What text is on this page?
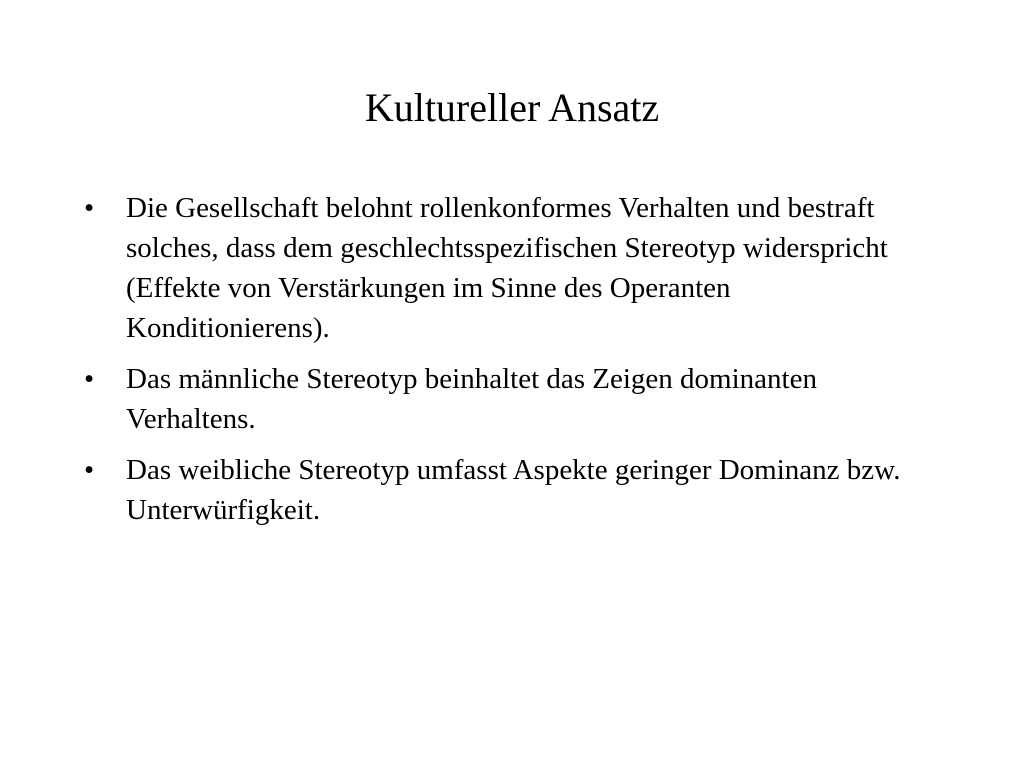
Kultureller Ansatz
•	Die Gesellschaft belohnt rollenkonformes Verhalten und bestraft solches, dass dem geschlechtsspezifischen Stereotyp widerspricht (Effekte von Verstärkungen im Sinne des Operanten Konditionierens).
•	Das männliche Stereotyp beinhaltet das Zeigen dominanten Verhaltens.
•	Das weibliche Stereotyp umfasst Aspekte geringer Dominanz bzw. Unterwürfigkeit.
